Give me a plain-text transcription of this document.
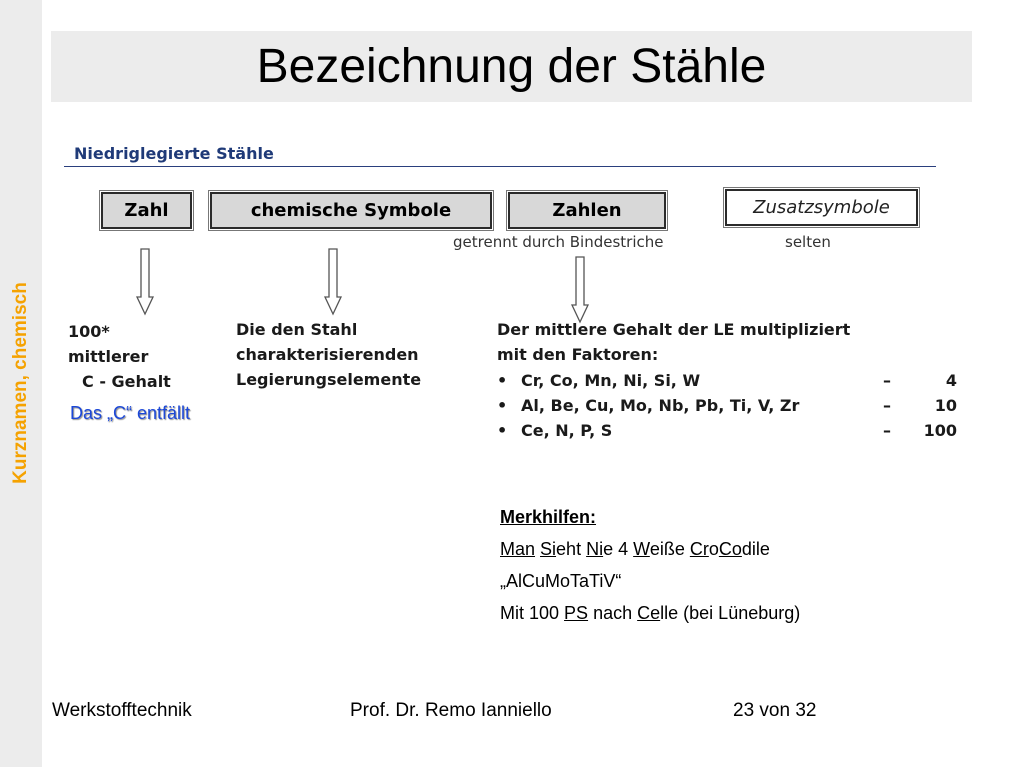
Kurznamen, chemisch
Bezeichnung der Stähle
Niedriglegierte Stähle
Zahl	chemische Symbole	Zahlen	Zusatzsymbole
getrennt durch Bindestriche	selten
100*
mittlerer
C - Gehalt
Das „C“ entfällt
Die den Stahl
charakterisierenden
Legierungselemente
Der mittlere Gehalt der LE multipliziert
mit den Faktoren:
• Cr, Co, Mn, Ni, Si, W	–	4
• Al, Be, Cu, Mo, Nb, Pb, Ti, V, Zr	–	10
• Ce, N, P, S	– 100
Merkhilfen:
Man Sieht Nie 4 Weiße CroCodile
„AlCuMoTaTiV“
Mit 100 PS nach Celle (bei Lüneburg)
Werkstofftechnik	Prof. Dr. Remo Ianniello	23 von 32
